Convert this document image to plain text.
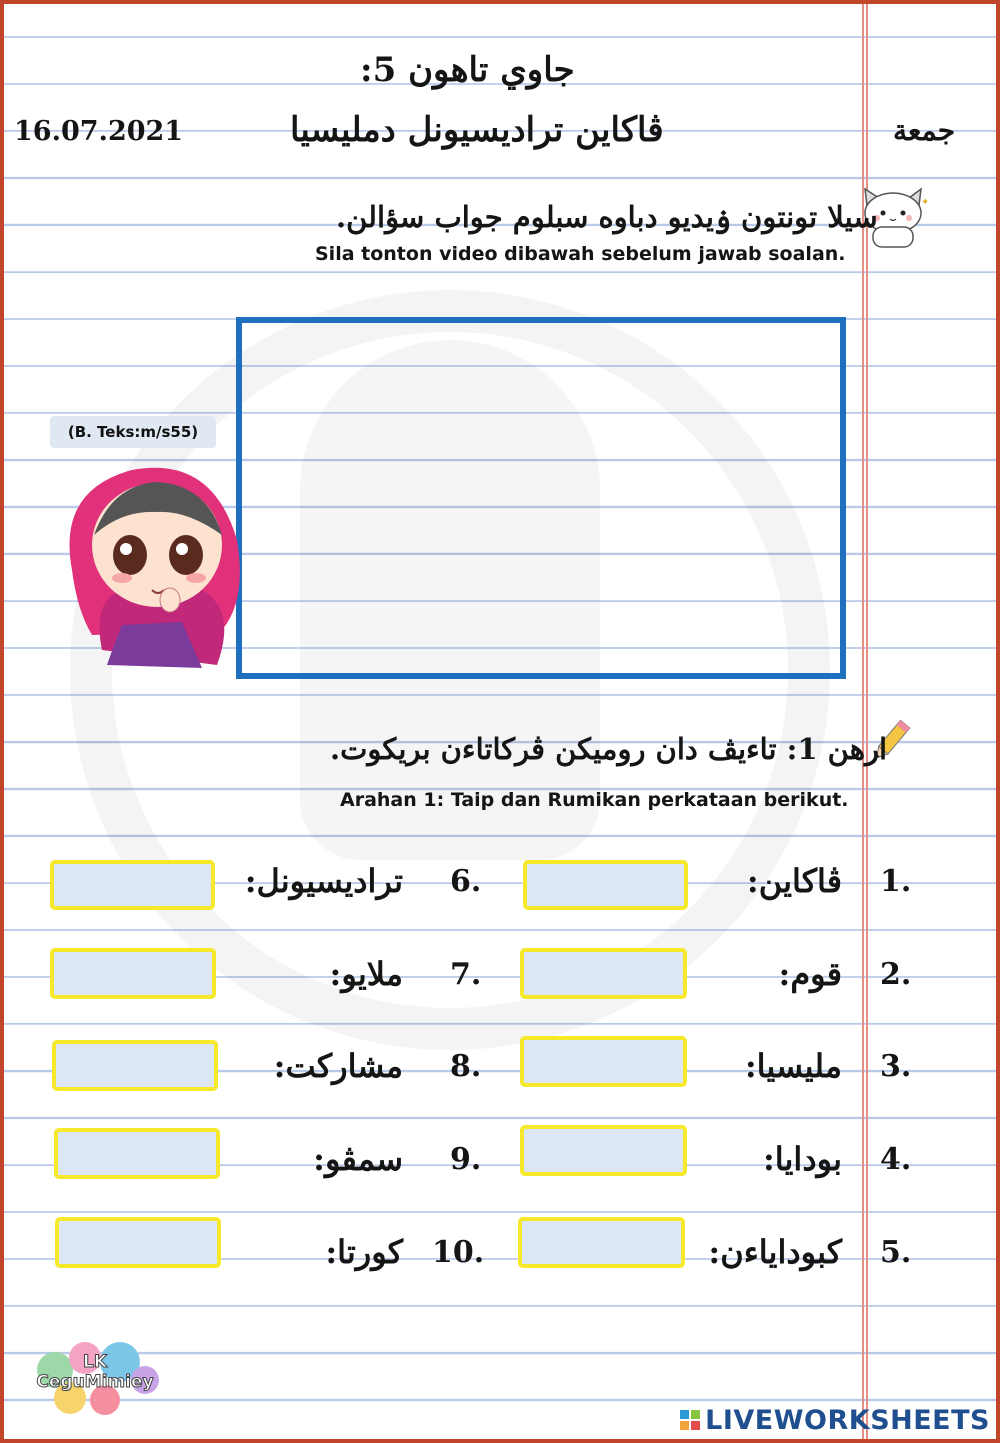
جاوي تاهون 5:
ڤاكاين ترادﯾﺴﻴﻮنل دمليسيا
16.07.2021	جمعة
✦
سيلا تونتون ۏيديو دباوه سبلوم جواب سؤالن.
Sila tonton video dibawah sebelum jawab soalan.
(B. Teks:m/s55)
ارهن 1: تاءيڤ دان روميكن ڤركاتاءن بريكوت.
Arahan 1: Taip dan Rumikan perkataan berikut.
1.
ڤاكاين:
2.
قوم:
3.
مليسيا:
4.
بودايا:
5.
كبوداياءن:
6.
ترادﯾﺴﻴﻮنل:
7.
ملايو:
8.
مشاركت:
9.
سمڤو:
10.
كورتا:
LK
CeguMimiey
LIVEWORKSHEETS
